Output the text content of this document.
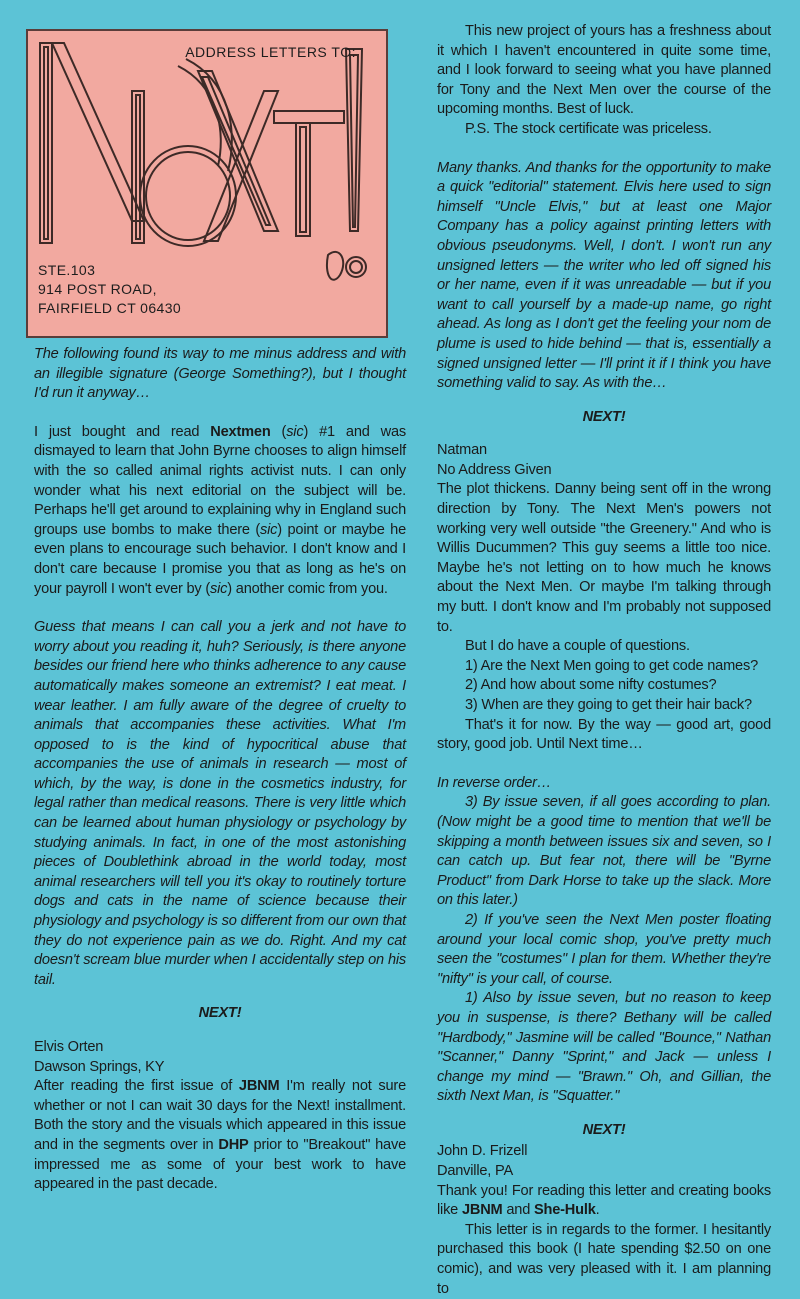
ADDRESS LETTERS TO:
STE.103
914 POST ROAD,
FAIRFIELD CT 06430

The following found its way to me minus address and with an illegible signature (George Something?), but I thought I'd run it anyway…

I just bought and read Nextmen (sic) #1 and was dismayed to learn that John Byrne chooses to align himself with the so called animal rights activist nuts. I can only wonder what his next editorial on the subject will be. Perhaps he'll get around to explaining why in England such groups use bombs to make there (sic) point or maybe he even plans to encourage such behavior. I don't know and I don't care because I promise you that as long as he's on your payroll I won't ever by (sic) another comic from you.

Guess that means I can call you a jerk and not have to worry about you reading it, huh? Seriously, is there anyone besides our friend here who thinks adherence to any cause automatically makes someone an extremist? I eat meat. I wear leather. I am fully aware of the degree of cruelty to animals that accompanies these activities. What I'm opposed to is the kind of hypocritical abuse that accompanies the use of animals in research — most of which, by the way, is done in the cosmetics industry, for legal rather than medical reasons. There is very little which can be learned about human physiology or psychology by studying animals. In fact, in one of the most astonishing pieces of Doublethink abroad in the world today, most animal researchers will tell you it's okay to routinely torture dogs and cats in the name of science because their physiology and psychology is so different from our own that they do not experience pain as we do. Right. And my cat doesn't scream blue murder when I accidentally step on his tail.

NEXT!
Elvis Orten
Dawson Springs, KY

After reading the first issue of JBNM I'm really not sure whether or not I can wait 30 days for the Next! installment. Both the story and the visuals which appeared in this issue and in the segments over in DHP prior to "Breakout" have impressed me as some of your best work to have appeared in the past decade.

This new project of yours has a freshness about it which I haven't encountered in quite some time, and I look forward to seeing what you have planned for Tony and the Next Men over the course of the upcoming months. Best of luck.

P.S. The stock certificate was priceless.

Many thanks. And thanks for the opportunity to make a quick "editorial" statement. Elvis here used to sign himself "Uncle Elvis," but at least one Major Company has a policy against printing letters with obvious pseudonyms. Well, I don't. I won't run any unsigned letters — the writer who led off signed his or her name, even if it was unreadable — but if you want to call yourself by a made-up name, go right ahead. As long as I don't get the feeling your nom de plume is used to hide behind — that is, essentially a signed unsigned letter — I'll print it if I think you have something valid to say. As with the…

NEXT!
Natman
No Address Given

The plot thickens. Danny being sent off in the wrong direction by Tony. The Next Men's powers not working very well outside "the Greenery." And who is Willis Ducummen? This guy seems a little too nice. Maybe he's not letting on to how much he knows about the Next Men. Or maybe I'm talking through my butt. I don't know and I'm probably not supposed to.

But I do have a couple of questions.

1) Are the Next Men going to get code names?

2) And how about some nifty costumes?

3) When are they going to get their hair back?

That's it for now. By the way — good art, good story, good job. Until Next time…

In reverse order…

3) By issue seven, if all goes according to plan. (Now might be a good time to mention that we'll be skipping a month between issues six and seven, so I can catch up. But fear not, there will be "Byrne Product" from Dark Horse to take up the slack. More on this later.)

2) If you've seen the Next Men poster floating around your local comic shop, you've pretty much seen the "costumes" I plan for them. Whether they're "nifty" is your call, of course.

1) Also by issue seven, but no reason to keep you in suspense, is there? Bethany will be called "Hardbody," Jasmine will be called "Bounce," Nathan "Scanner," Danny "Sprint," and Jack — unless I change my mind — "Brawn." Oh, and Gillian, the sixth Next Man, is "Squatter."

NEXT!
John D. Frizell
Danville, PA

Thank you! For reading this letter and creating books like JBNM and She-Hulk.

This letter is in regards to the former. I hesitantly purchased this book (I hate spending $2.50 on one comic), and was very pleased with it. I am planning to
